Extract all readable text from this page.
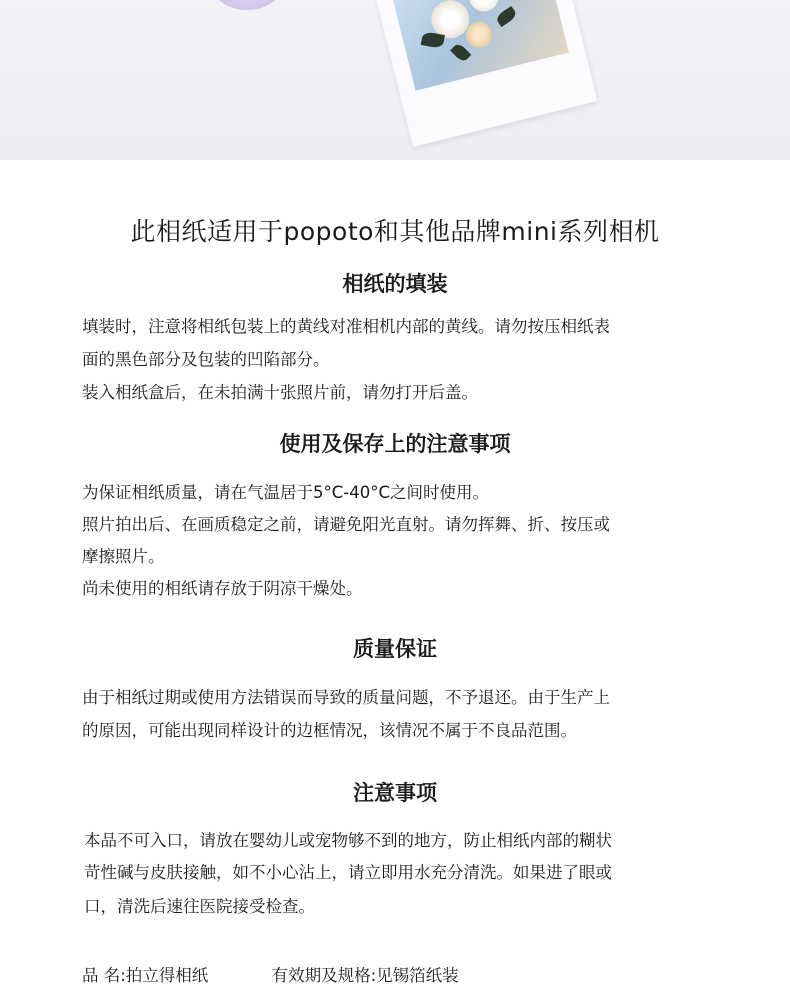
此相纸适用于popoto和其他品牌mini系列相机
相纸的填装

填装时，注意将相纸包装上的黄线对准相机内部的黄线。请勿按压相纸表

面的黑色部分及包装的凹陷部分。

装入相纸盒后，在未拍满十张照片前，请勿打开后盖。

使用及保存上的注意事项

为保证相纸质量，请在气温居于5°C-40°C之间时使用。

照片拍出后、在画质稳定之前，请避免阳光直射。请勿挥舞、折、按压或

摩擦照片。

尚未使用的相纸请存放于阴凉干燥处。

质量保证

由于相纸过期或使用方法错误而导致的质量问题，不予退还。由于生产上

的原因，可能出现同样设计的边框情况，该情况不属于不良品范围。

注意事项

本品不可入口，请放在婴幼儿或宠物够不到的地方，防止相纸内部的糊状

苛性碱与皮肤接触，如不小心沾上，请立即用水充分清洗。如果进了眼或

口，清洗后速往医院接受检查。

品 名:拍立得相纸	有效期及规格:见锡箔纸装
